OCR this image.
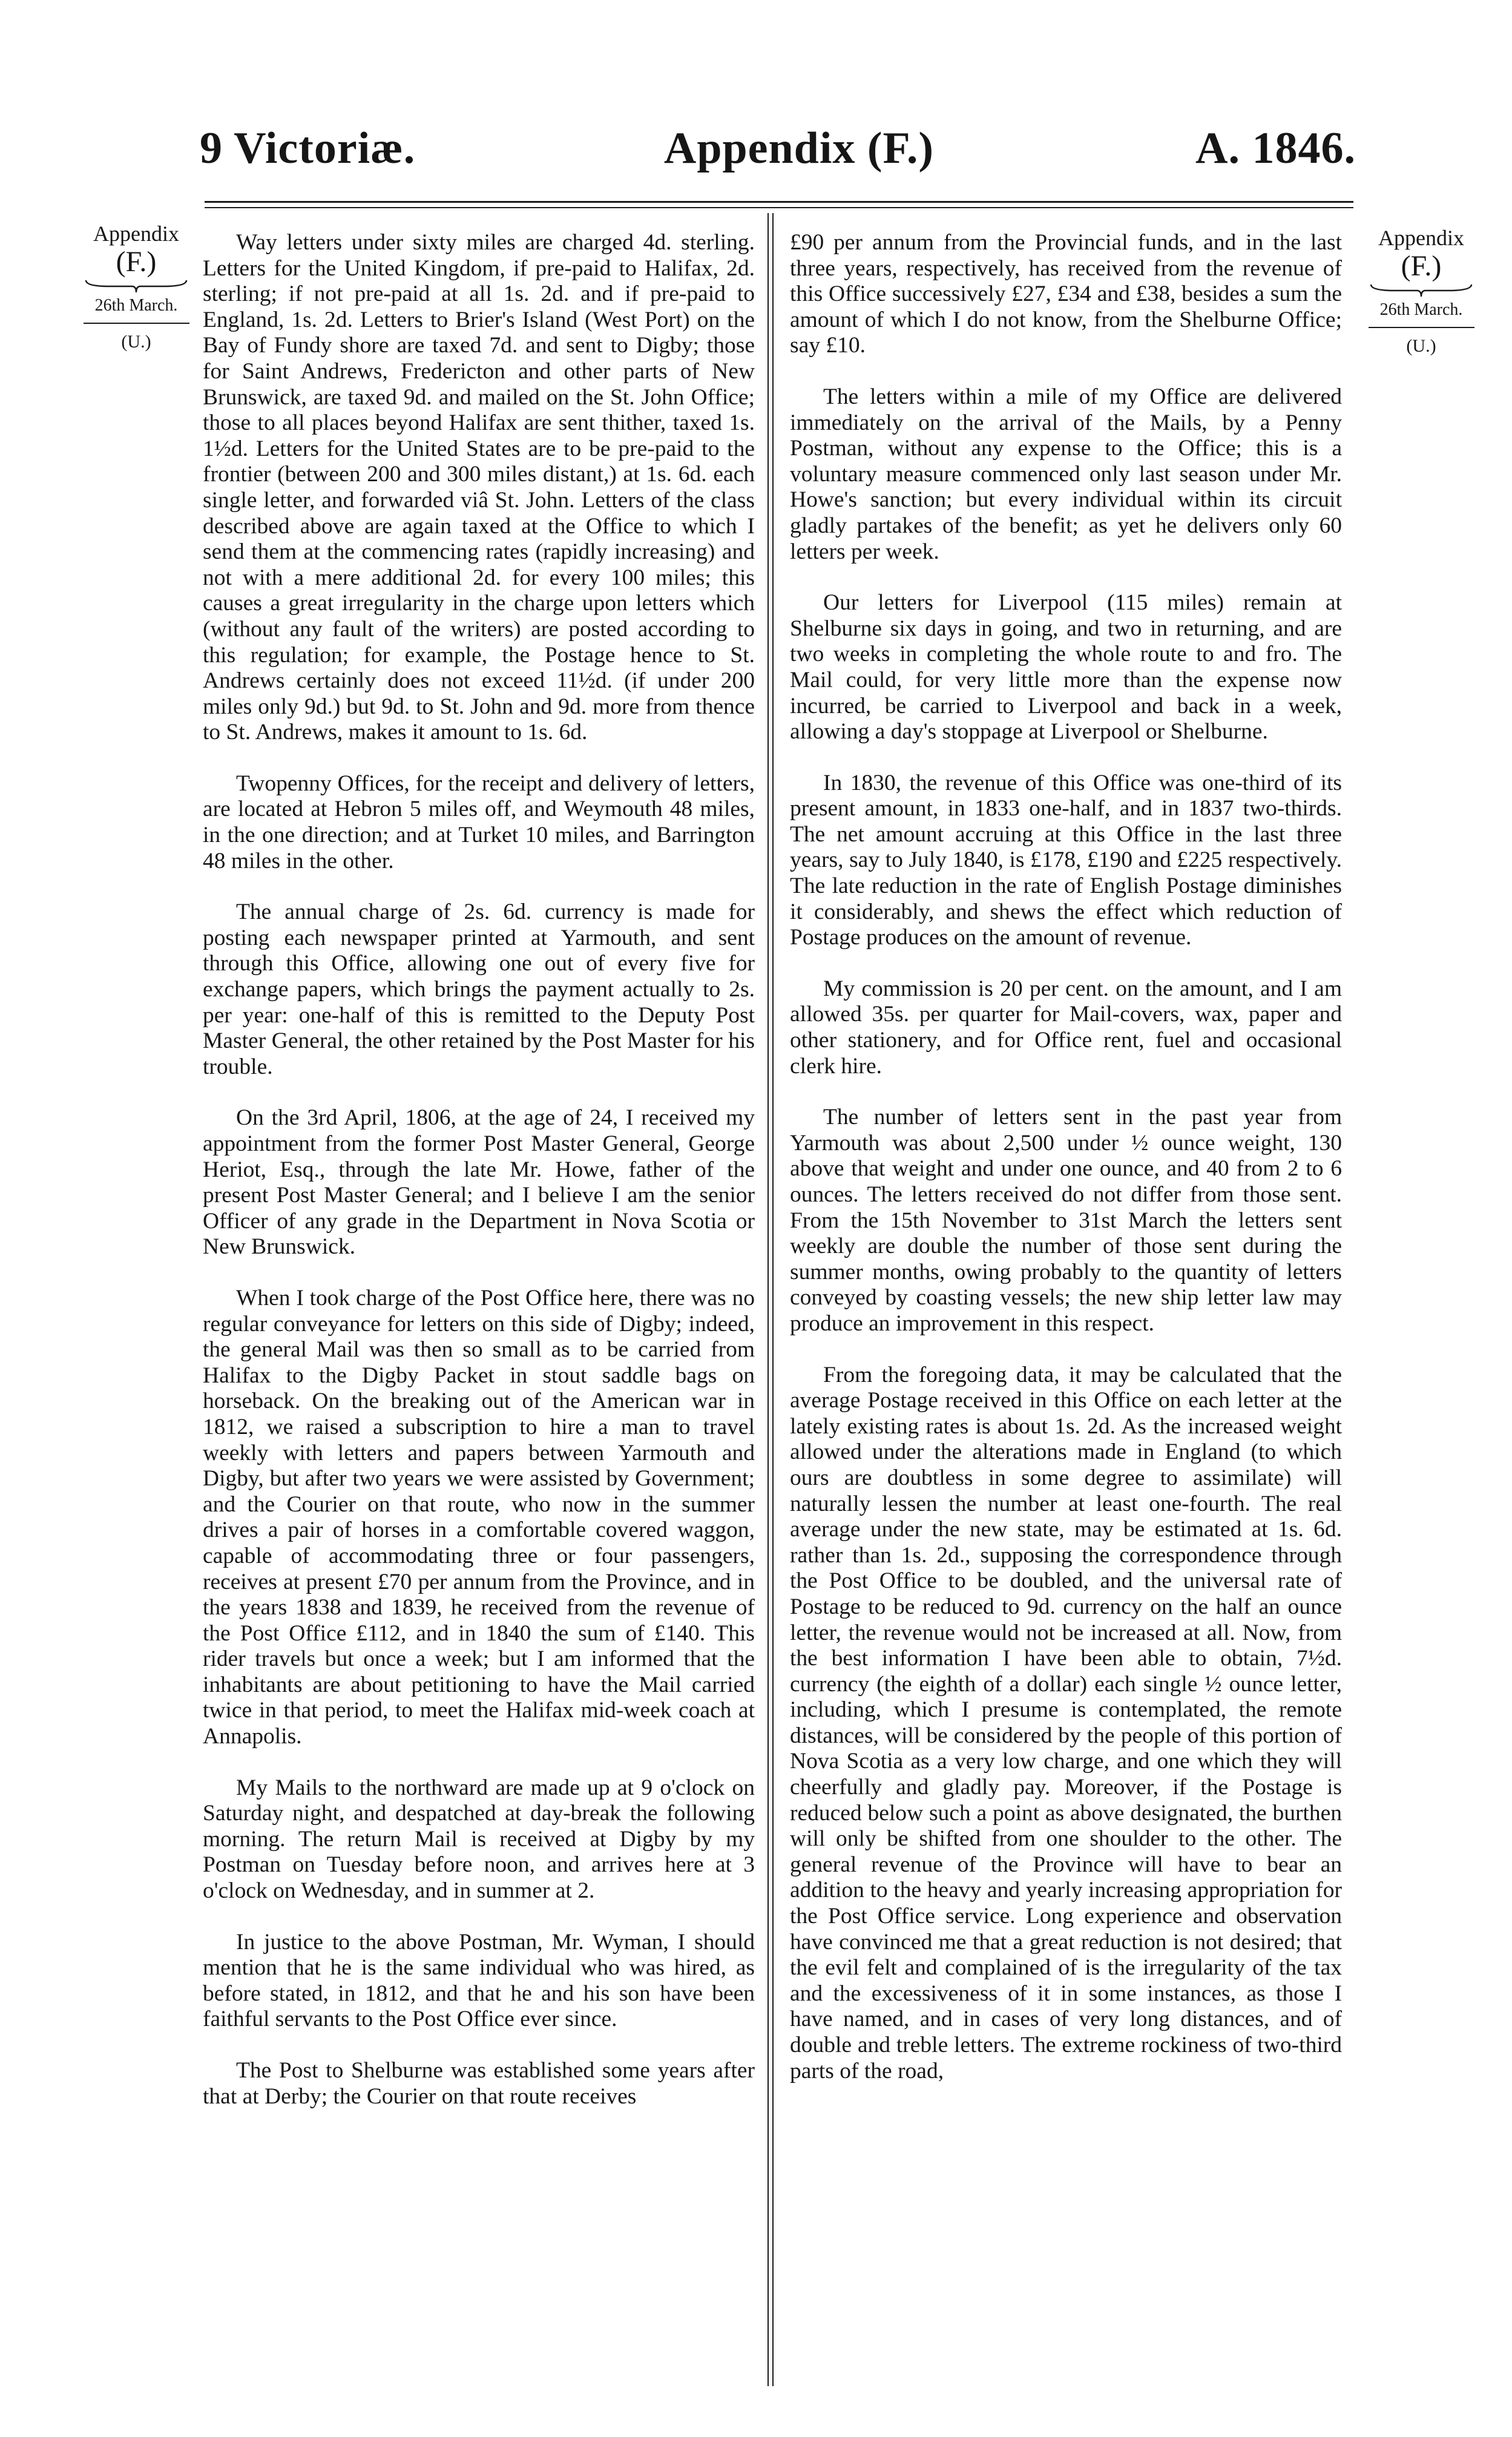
9 Victoriæ.	Appendix (F.)	A. 1846.
Appendix
(F.)
26th March.
(U.)
Appendix
(F.)
26th March.
(U.)

Way letters under sixty miles are charged 4d. sterling. Letters for the United Kingdom, if pre-paid to Halifax, 2d. sterling; if not pre-paid at all 1s. 2d. and if pre-paid to England, 1s. 2d. Letters to Brier's Island (West Port) on the Bay of Fundy shore are taxed 7d. and sent to Digby; those for Saint Andrews, Fredericton and other parts of New Brunswick, are taxed 9d. and mailed on the St. John Office; those to all places beyond Halifax are sent thither, taxed 1s. 1½d. Letters for the United States are to be pre-paid to the frontier (between 200 and 300 miles distant,) at 1s. 6d. each single letter, and forwarded viâ St. John. Letters of the class described above are again taxed at the Office to which I send them at the commencing rates (rapidly increasing) and not with a mere additional 2d. for every 100 miles; this causes a great irregularity in the charge upon letters which (without any fault of the writers) are posted according to this regulation; for example, the Postage hence to St. Andrews certainly does not exceed 11½d. (if under 200 miles only 9d.) but 9d. to St. John and 9d. more from thence to St. Andrews, makes it amount to 1s. 6d.

Twopenny Offices, for the receipt and delivery of letters, are located at Hebron 5 miles off, and Weymouth 48 miles, in the one direction; and at Turket 10 miles, and Barrington 48 miles in the other.

The annual charge of 2s. 6d. currency is made for posting each newspaper printed at Yarmouth, and sent through this Office, allowing one out of every five for exchange papers, which brings the payment actually to 2s. per year: one-half of this is remitted to the Deputy Post Master General, the other retained by the Post Master for his trouble.

On the 3rd April, 1806, at the age of 24, I received my appointment from the former Post Master General, George Heriot, Esq., through the late Mr. Howe, father of the present Post Master General; and I believe I am the senior Officer of any grade in the Department in Nova Scotia or New Brunswick.

When I took charge of the Post Office here, there was no regular conveyance for letters on this side of Digby; indeed, the general Mail was then so small as to be carried from Halifax to the Digby Packet in stout saddle bags on horseback. On the breaking out of the American war in 1812, we raised a subscription to hire a man to travel weekly with letters and papers between Yarmouth and Digby, but after two years we were assisted by Government; and the Courier on that route, who now in the summer drives a pair of horses in a comfortable covered waggon, capable of accommodating three or four passengers, receives at present £70 per annum from the Province, and in the years 1838 and 1839, he received from the revenue of the Post Office £112, and in 1840 the sum of £140. This rider travels but once a week; but I am informed that the inhabitants are about petitioning to have the Mail carried twice in that period, to meet the Halifax mid-week coach at Annapolis.

My Mails to the northward are made up at 9 o'clock on Saturday night, and despatched at day-break the following morning. The return Mail is received at Digby by my Postman on Tuesday before noon, and arrives here at 3 o'clock on Wednesday, and in summer at 2.

In justice to the above Postman, Mr. Wyman, I should mention that he is the same individual who was hired, as before stated, in 1812, and that he and his son have been faithful servants to the Post Office ever since.

The Post to Shelburne was established some years after that at Derby; the Courier on that route receives

£90 per annum from the Provincial funds, and in the last three years, respectively, has received from the revenue of this Office successively £27, £34 and £38, besides a sum the amount of which I do not know, from the Shelburne Office; say £10.

The letters within a mile of my Office are delivered immediately on the arrival of the Mails, by a Penny Postman, without any expense to the Office; this is a voluntary measure commenced only last season under Mr. Howe's sanction; but every individual within its circuit gladly partakes of the benefit; as yet he delivers only 60 letters per week.

Our letters for Liverpool (115 miles) remain at Shelburne six days in going, and two in returning, and are two weeks in completing the whole route to and fro. The Mail could, for very little more than the expense now incurred, be carried to Liverpool and back in a week, allowing a day's stoppage at Liverpool or Shelburne.

In 1830, the revenue of this Office was one-third of its present amount, in 1833 one-half, and in 1837 two-thirds. The net amount accruing at this Office in the last three years, say to July 1840, is £178, £190 and £225 respectively. The late reduction in the rate of English Postage diminishes it considerably, and shews the effect which reduction of Postage produces on the amount of revenue.

My commission is 20 per cent. on the amount, and I am allowed 35s. per quarter for Mail-covers, wax, paper and other stationery, and for Office rent, fuel and occasional clerk hire.

The number of letters sent in the past year from Yarmouth was about 2,500 under ½ ounce weight, 130 above that weight and under one ounce, and 40 from 2 to 6 ounces. The letters received do not differ from those sent. From the 15th November to 31st March the letters sent weekly are double the number of those sent during the summer months, owing probably to the quantity of letters conveyed by coasting vessels; the new ship letter law may produce an improvement in this respect.

From the foregoing data, it may be calculated that the average Postage received in this Office on each letter at the lately existing rates is about 1s. 2d. As the increased weight allowed under the alterations made in England (to which ours are doubtless in some degree to assimilate) will naturally lessen the number at least one-fourth. The real average under the new state, may be estimated at 1s. 6d. rather than 1s. 2d., supposing the correspondence through the Post Office to be doubled, and the universal rate of Postage to be reduced to 9d. currency on the half an ounce letter, the revenue would not be increased at all. Now, from the best information I have been able to obtain, 7½d. currency (the eighth of a dollar) each single ½ ounce letter, including, which I presume is contemplated, the remote distances, will be considered by the people of this portion of Nova Scotia as a very low charge, and one which they will cheerfully and gladly pay. Moreover, if the Postage is reduced below such a point as above designated, the burthen will only be shifted from one shoulder to the other. The general revenue of the Province will have to bear an addition to the heavy and yearly increasing appropriation for the Post Office service. Long experience and observation have convinced me that a great reduction is not desired; that the evil felt and complained of is the irregularity of the tax and the excessiveness of it in some instances, as those I have named, and in cases of very long distances, and of double and treble letters. The extreme rockiness of two-third parts of the road,
